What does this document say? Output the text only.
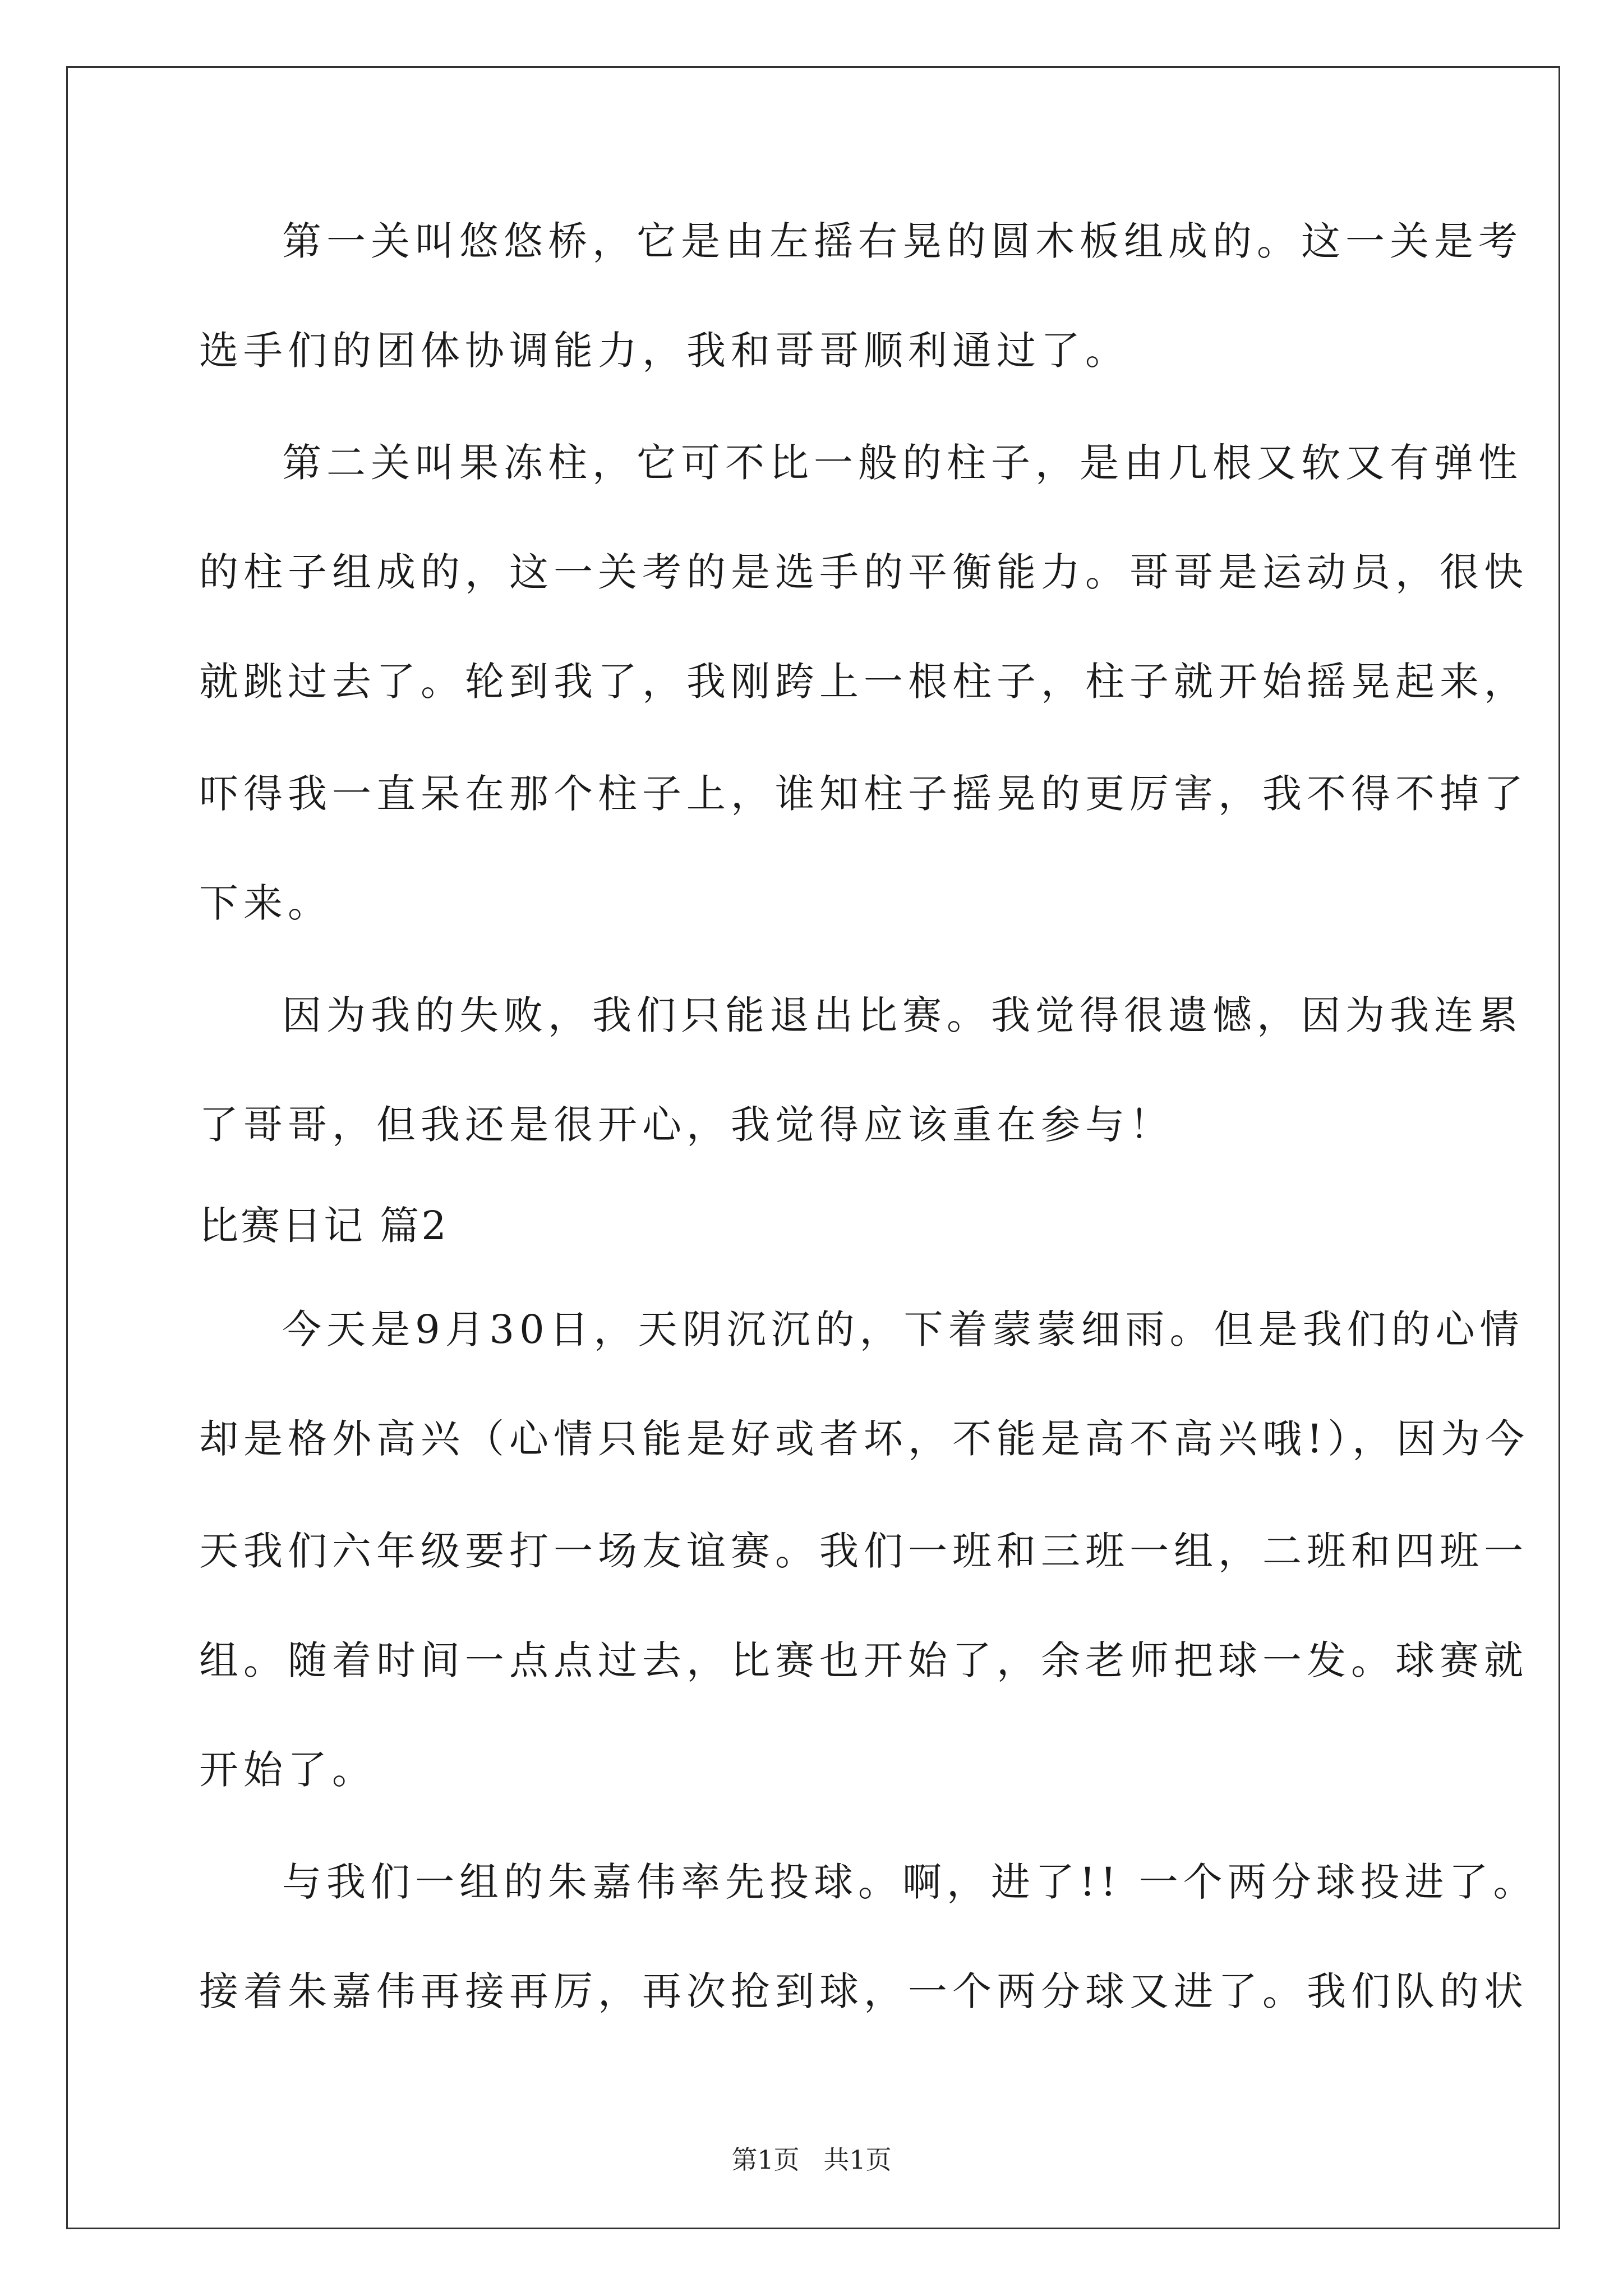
第一关叫悠悠桥，它是由左摇右晃的圆木板组成的。这一关是考
选手们的团体协调能力，我和哥哥顺利通过了。
第二关叫果冻柱，它可不比一般的柱子，是由几根又软又有弹性
的柱子组成的，这一关考的是选手的平衡能力。哥哥是运动员，很快
就跳过去了。轮到我了，我刚跨上一根柱子，柱子就开始摇晃起来，
吓得我一直呆在那个柱子上，谁知柱子摇晃的更厉害，我不得不掉了
下来。
因为我的失败，我们只能退出比赛。我觉得很遗憾，因为我连累
了哥哥，但我还是很开心，我觉得应该重在参与！
比赛日记 篇2
今天是9月30日，天阴沉沉的，下着蒙蒙细雨。但是我们的心情
却是格外高兴（心情只能是好或者坏，不能是高不高兴哦!），因为今
天我们六年级要打一场友谊赛。我们一班和三班一组，二班和四班一
组。随着时间一点点过去，比赛也开始了，余老师把球一发。球赛就
开始了。
与我们一组的朱嘉伟率先投球。啊，进了!! 一个两分球投进了。
接着朱嘉伟再接再厉，再次抢到球，一个两分球又进了。我们队的状
第1页 共1页
